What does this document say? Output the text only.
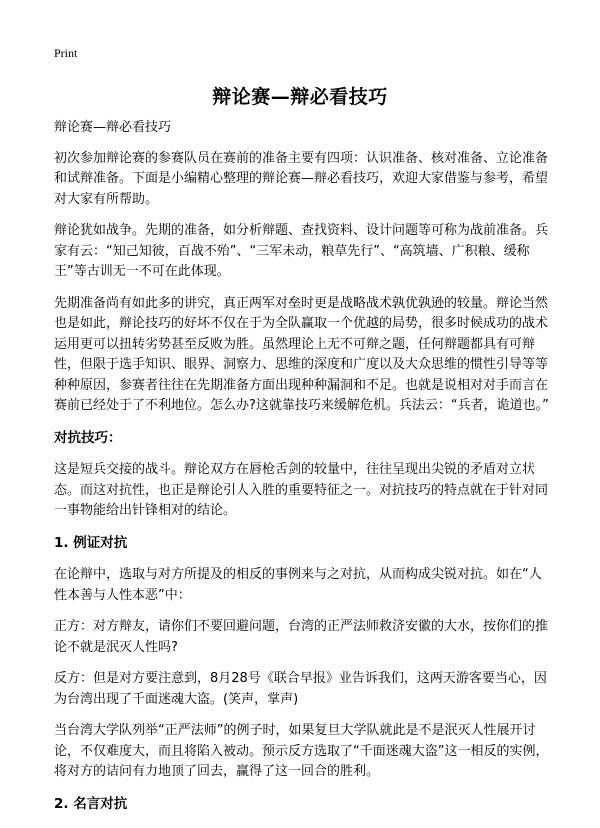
Print
辩论赛—辩必看技巧

辩论赛—辩必看技巧

初次参加辩论赛的参赛队员在赛前的准备主要有四项：认识准备、核对准备、立论准备和试辩准备。下面是小编精心整理的辩论赛—辩必看技巧，欢迎大家借鉴与参考，希望对大家有所帮助。

辩论犹如战争。先期的准备，如分析辩题、查找资料、设计问题等可称为战前准备。兵家有云：“知己知彼，百战不殆”、“三军未动，粮草先行”、“高筑墙、广积粮、缓称王”等古训无一不可在此体现。

先期准备尚有如此多的讲究，真正两军对垒时更是战略战术孰优孰逊的较量。辩论当然也是如此，辩论技巧的好坏不仅在于为全队赢取一个优越的局势，很多时候成功的战术运用更可以扭转劣势甚至反败为胜。虽然理论上无不可辩之题，任何辩题都具有可辩性，但限于选手知识、眼界、洞察力、思维的深度和广度以及大众思维的惯性引导等等种种原因，参赛者往往在先期准备方面出现种种漏洞和不足。也就是说相对对手而言在赛前已经处于了不利地位。怎么办?这就靠技巧来缓解危机。兵法云：“兵者，诡道也。”

对抗技巧：

这是短兵交接的战斗。辩论双方在唇枪舌剑的较量中，往往呈现出尖锐的矛盾对立状态。而这对抗性，也正是辩论引人入胜的重要特征之一。对抗技巧的特点就在于针对同一事物能给出针锋相对的结论。

1. 例证对抗

在论辩中，选取与对方所提及的相反的事例来与之对抗，从而构成尖锐对抗。如在“人性本善与人性本恶”中：

正方：对方辩友，请你们不要回避问题，台湾的正严法师救济安徽的大水，按你们的推论不就是泯灭人性吗?

反方：但是对方要注意到，8月28号《联合早报》业告诉我们，这两天游客要当心，因为台湾出现了千面迷魂大盗。(笑声，掌声)

当台湾大学队列举“正严法师”的例子时，如果复旦大学队就此是不是泯灭人性展开讨论，不仅难度大，而且将陷入被动。预示反方选取了“千面迷魂大盗”这一相反的实例，将对方的诘问有力地顶了回去，赢得了这一回合的胜利。

2. 名言对抗
